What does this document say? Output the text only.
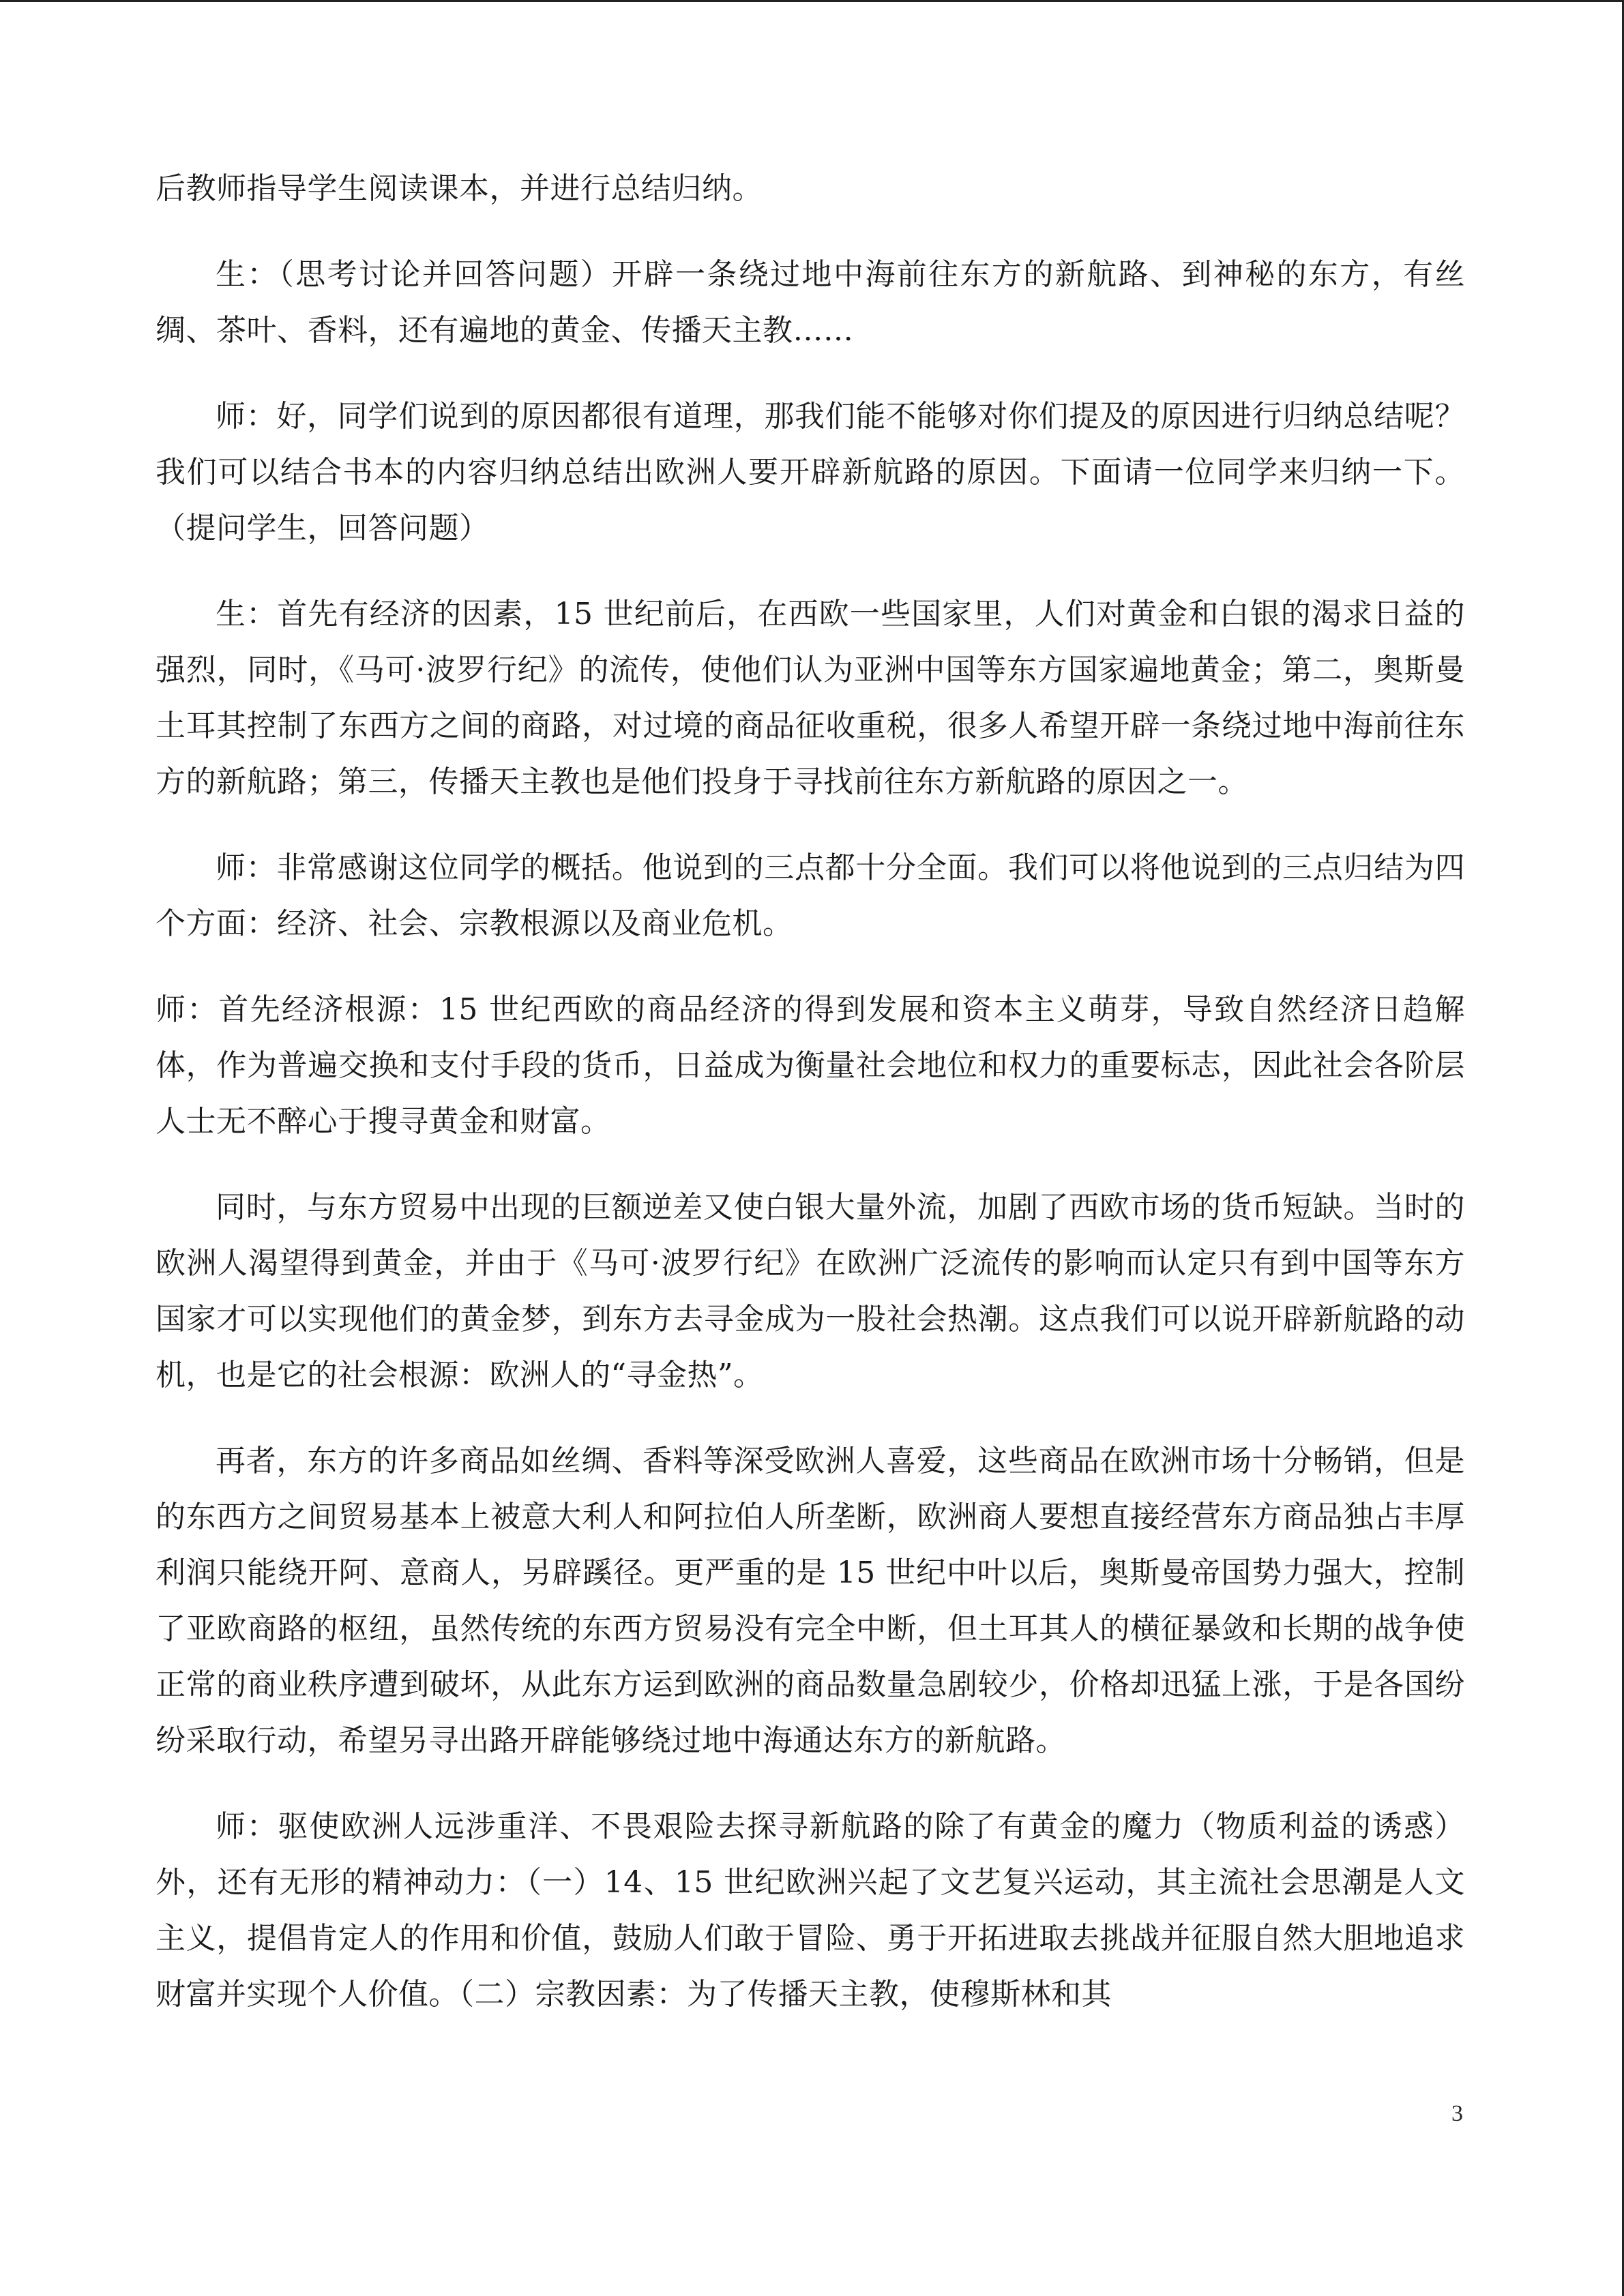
后教师指导学生阅读课本，并进行总结归纳。

生：（思考讨论并回答问题）开辟一条绕过地中海前往东方的新航路、到神秘的东方，有丝绸、茶叶、香料，还有遍地的黄金、传播天主教……

师：好，同学们说到的原因都很有道理，那我们能不能够对你们提及的原因进行归纳总结呢？我们可以结合书本的内容归纳总结出欧洲人要开辟新航路的原因。下面请一位同学来归纳一下。（提问学生，回答问题）

生：首先有经济的因素，15 世纪前后，在西欧一些国家里，人们对黄金和白银的渴求日益的强烈，同时，《马可·波罗行纪》的流传，使他们认为亚洲中国等东方国家遍地黄金；第二，奥斯曼土耳其控制了东西方之间的商路，对过境的商品征收重税，很多人希望开辟一条绕过地中海前往东方的新航路；第三，传播天主教也是他们投身于寻找前往东方新航路的原因之一。

师：非常感谢这位同学的概括。他说到的三点都十分全面。我们可以将他说到的三点归结为四个方面：经济、社会、宗教根源以及商业危机。

师：首先经济根源：15 世纪西欧的商品经济的得到发展和资本主义萌芽，导致自然经济日趋解体，作为普遍交换和支付手段的货币，日益成为衡量社会地位和权力的重要标志，因此社会各阶层人士无不醉心于搜寻黄金和财富。

同时，与东方贸易中出现的巨额逆差又使白银大量外流，加剧了西欧市场的货币短缺。当时的欧洲人渴望得到黄金，并由于《马可·波罗行纪》在欧洲广泛流传的影响而认定只有到中国等东方国家才可以实现他们的黄金梦，到东方去寻金成为一股社会热潮。这点我们可以说开辟新航路的动机，也是它的社会根源：欧洲人的“寻金热”。

再者，东方的许多商品如丝绸、香料等深受欧洲人喜爱，这些商品在欧洲市场十分畅销，但是的东西方之间贸易基本上被意大利人和阿拉伯人所垄断，欧洲商人要想直接经营东方商品独占丰厚利润只能绕开阿、意商人，另辟蹊径。更严重的是 15 世纪中叶以后，奥斯曼帝国势力强大，控制了亚欧商路的枢纽，虽然传统的东西方贸易没有完全中断，但土耳其人的横征暴敛和长期的战争使正常的商业秩序遭到破坏，从此东方运到欧洲的商品数量急剧较少，价格却迅猛上涨，于是各国纷纷采取行动，希望另寻出路开辟能够绕过地中海通达东方的新航路。

师：驱使欧洲人远涉重洋、不畏艰险去探寻新航路的除了有黄金的魔力（物质利益的诱惑）外，还有无形的精神动力：（一）14、15 世纪欧洲兴起了文艺复兴运动，其主流社会思潮是人文主义，提倡肯定人的作用和价值，鼓励人们敢于冒险、勇于开拓进取去挑战并征服自然大胆地追求财富并实现个人价值。（二）宗教因素：为了传播天主教，使穆斯林和其

3
